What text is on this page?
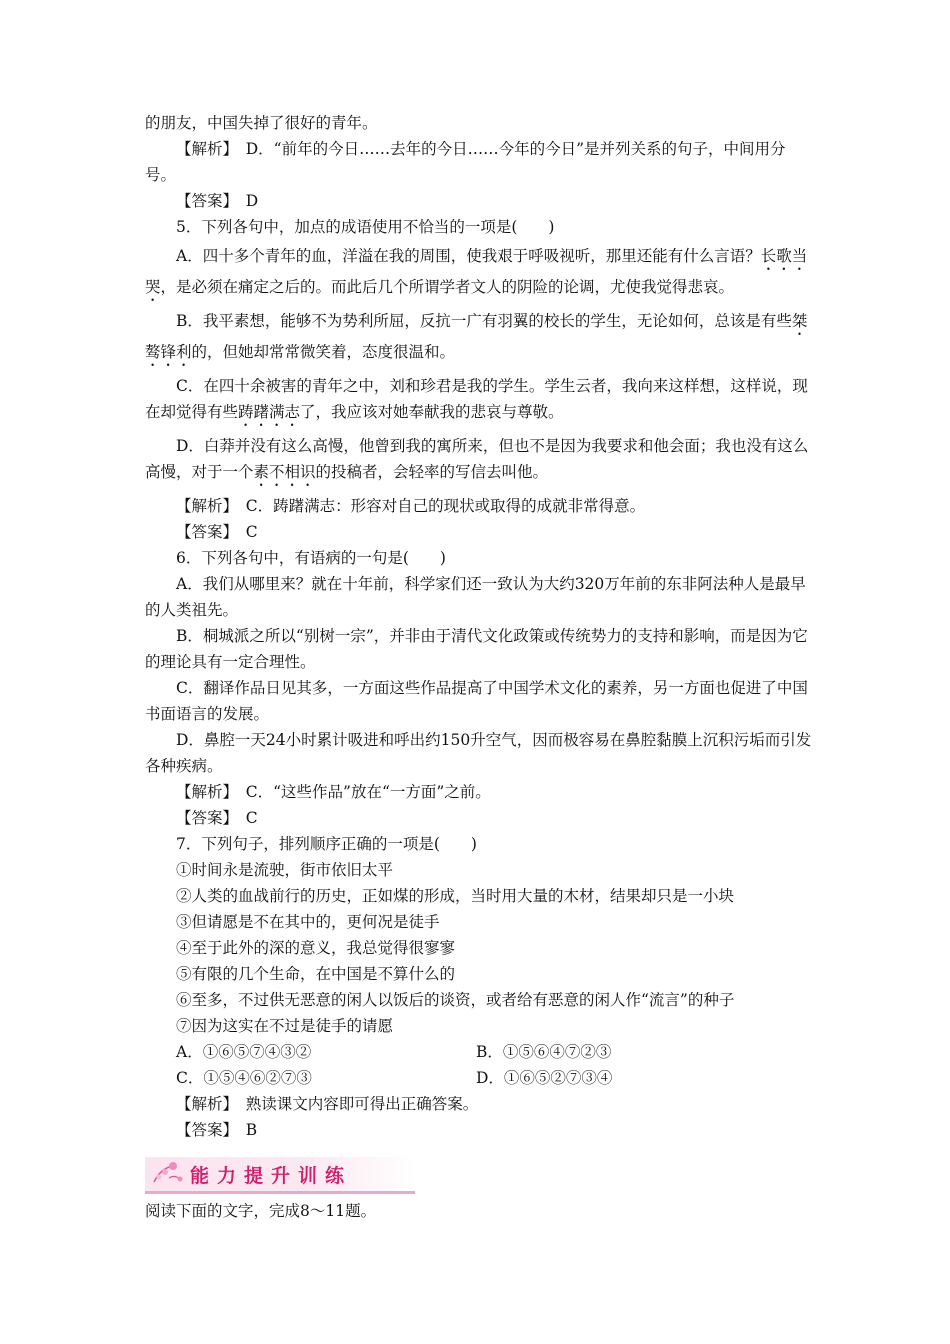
的朋友，中国失掉了很好的青年。

【解析】　D．“前年的今日……去年的今日……今年的今日”是并列关系的句子，中间用分号。

【答案】　D

5．下列各句中，加点的成语使用不恰当的一项是(　　)

A．四十多个青年的血，洋溢在我的周围，使我艰于呼吸视听，那里还能有什么言语？长歌当哭，是必须在痛定之后的。而此后几个所谓学者文人的阴险的论调，尤使我觉得悲哀。

B．我平素想，能够不为势利所屈，反抗一广有羽翼的校长的学生，无论如何，总该是有些桀骜锋利的，但她却常常微笑着，态度很温和。

C．在四十余被害的青年之中，刘和珍君是我的学生。学生云者，我向来这样想，这样说，现在却觉得有些踌躇满志了，我应该对她奉献我的悲哀与尊敬。

D．白莽并没有这么高慢，他曾到我的寓所来，但也不是因为我要求和他会面；我也没有这么高慢，对于一个素不相识的投稿者，会轻率的写信去叫他。

【解析】　C．踌躇满志：形容对自己的现状或取得的成就非常得意。

【答案】　C

6．下列各句中，有语病的一句是(　　)

A．我们从哪里来？就在十年前，科学家们还一致认为大约320万年前的东非阿法种人是最早的人类祖先。

B．桐城派之所以“别树一宗”，并非由于清代文化政策或传统势力的支持和影响，而是因为它的理论具有一定合理性。

C．翻译作品日见其多，一方面这些作品提高了中国学术文化的素养，另一方面也促进了中国书面语言的发展。

D．鼻腔一天24小时累计吸进和呼出约150升空气，因而极容易在鼻腔黏膜上沉积污垢而引发各种疾病。

【解析】　C．“这些作品”放在“一方面”之前。

【答案】　C

7．下列句子，排列顺序正确的一项是(　　)

①时间永是流驶，街市依旧太平

②人类的血战前行的历史，正如煤的形成，当时用大量的木材，结果却只是一小块

③但请愿是不在其中的，更何况是徒手

④至于此外的深的意义，我总觉得很寥寥

⑤有限的几个生命，在中国是不算什么的

⑥至多，不过供无恶意的闲人以饭后的谈资，或者给有恶意的闲人作“流言”的种子

⑦因为这实在不过是徒手的请愿

A．①⑥⑤⑦④③②	B．①⑤⑥④⑦②③
C．①⑤④⑥②⑦③	D．①⑥⑤②⑦③④

【解析】　熟读课文内容即可得出正确答案。

【答案】　B

能力提升训练

阅读下面的文字，完成8～11题。
